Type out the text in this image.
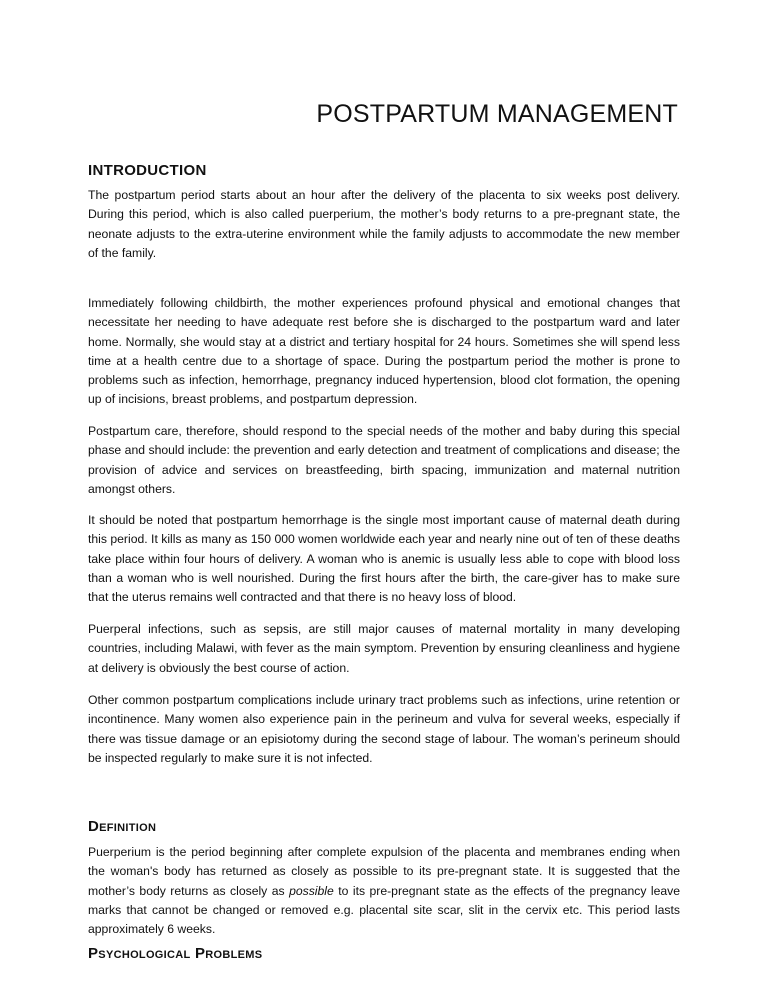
POSTPARTUM MANAGEMENT
INTRODUCTION

The postpartum period starts about an hour after the delivery of the placenta to six weeks post delivery. During this period, which is also called puerperium, the mother’s body returns to a pre-pregnant state, the neonate adjusts to the extra-uterine environment while the family adjusts to accommodate the new member of the family.

Immediately following childbirth, the mother experiences profound physical and emotional changes that necessitate her needing to have adequate rest before she is discharged to the postpartum ward and later home. Normally, she would stay at a district and tertiary hospital for 24 hours. Sometimes she will spend less time at a health centre due to a shortage of space. During the postpartum period the mother is prone to problems such as infection, hemorrhage, pregnancy induced hypertension, blood clot formation, the opening up of incisions, breast problems, and postpartum depression.

Postpartum care, therefore, should respond to the special needs of the mother and baby during this special phase and should include: the prevention and early detection and treatment of complications and disease; the provision of advice and services on breastfeeding, birth spacing, immunization and maternal nutrition amongst others.

It should be noted that postpartum hemorrhage is the single most important cause of maternal death during this period. It kills as many as 150 000 women worldwide each year and nearly nine out of ten of these deaths take place within four hours of delivery. A woman who is anemic is usually less able to cope with blood loss than a woman who is well nourished. During the first hours after the birth, the care-giver has to make sure that the uterus remains well contracted and that there is no heavy loss of blood.

Puerperal infections, such as sepsis, are still major causes of maternal mortality in many developing countries, including Malawi, with fever as the main symptom. Prevention by ensuring cleanliness and hygiene at delivery is obviously the best course of action.

Other common postpartum complications include urinary tract problems such as infections, urine retention or incontinence. Many women also experience pain in the perineum and vulva for several weeks, especially if there was tissue damage or an episiotomy during the second stage of labour. The woman’s perineum should be inspected regularly to make sure it is not infected.

Definition

Puerperium is the period beginning after complete expulsion of the placenta and membranes ending when the woman's body has returned as closely as possible to its pre-pregnant state. It is suggested that the mother’s body returns as closely as possible to its pre-pregnant state as the effects of the pregnancy leave marks that cannot be changed or removed e.g. placental site scar, slit in the cervix etc. This period lasts approximately 6 weeks.

Psychological Problems
